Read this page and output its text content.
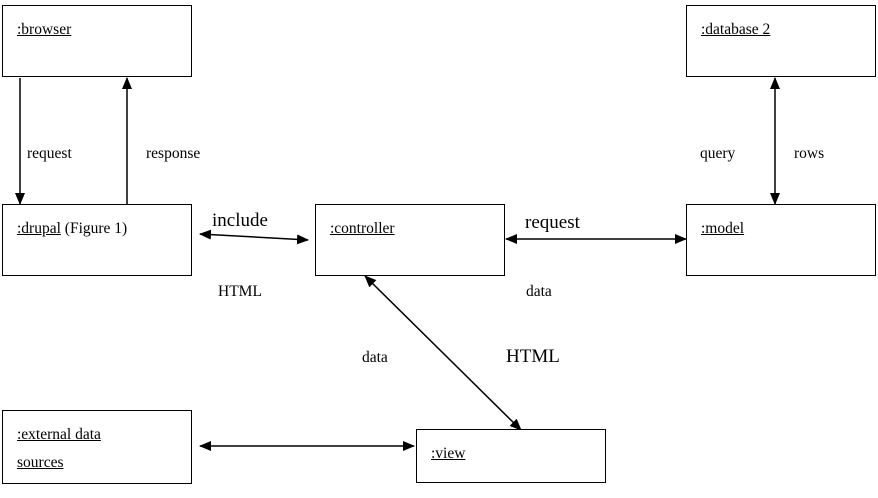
:browser	:database 2
:drupal (Figure 1)	:controller	:model
:external data
sources
:view
request	response	query	rows
include
HTML
request
data
data	HTML
